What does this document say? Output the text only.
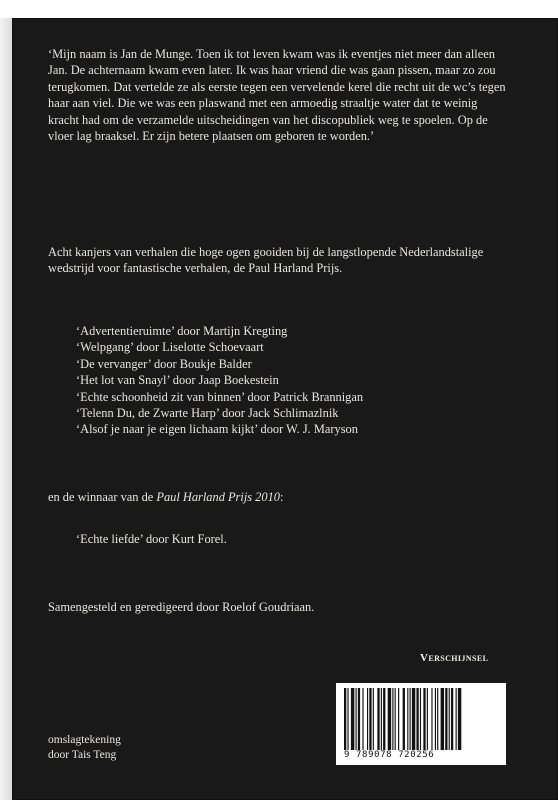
‘Mijn naam is Jan de Munge. Toen ik tot leven kwam was ik eventjes niet meer dan alleen Jan. De achternaam kwam even later. Ik was haar vriend die was gaan pissen, maar zo zou terugkomen. Dat vertelde ze als eerste tegen een vervelende kerel die recht uit de wc’s tegen haar aan viel. Die we was een plaswand met een armoedig straaltje water dat te weinig kracht had om de verzamelde uitscheidingen van het discopubliek weg te spoelen. Op de vloer lag braaksel. Er zijn betere plaatsen om geboren te worden.’
Acht kanjers van verhalen die hoge ogen gooiden bij de langstlopende Nederlandstalige wedstrijd voor fantastische verhalen, de Paul Harland Prijs.
‘Advertentieruimte’ door Martijn Kregting
‘Welpgang’ door Liselotte Schoevaart
‘De vervanger’ door Boukje Balder
‘Het lot van Snayl’ door Jaap Boekestein
‘Echte schoonheid zit van binnen’ door Patrick Brannigan
‘Telenn Du, de Zwarte Harp’ door Jack Schlimazlnik
‘Alsof je naar je eigen lichaam kijkt’ door W. J. Maryson
en de winnaar van de Paul Harland Prijs 2010:
‘Echte liefde’ door Kurt Forel.
Samengesteld en geredigeerd door Roelof Goudriaan.
Verschijnsel
9 789078 720256
omslagtekening
door Tais Teng
